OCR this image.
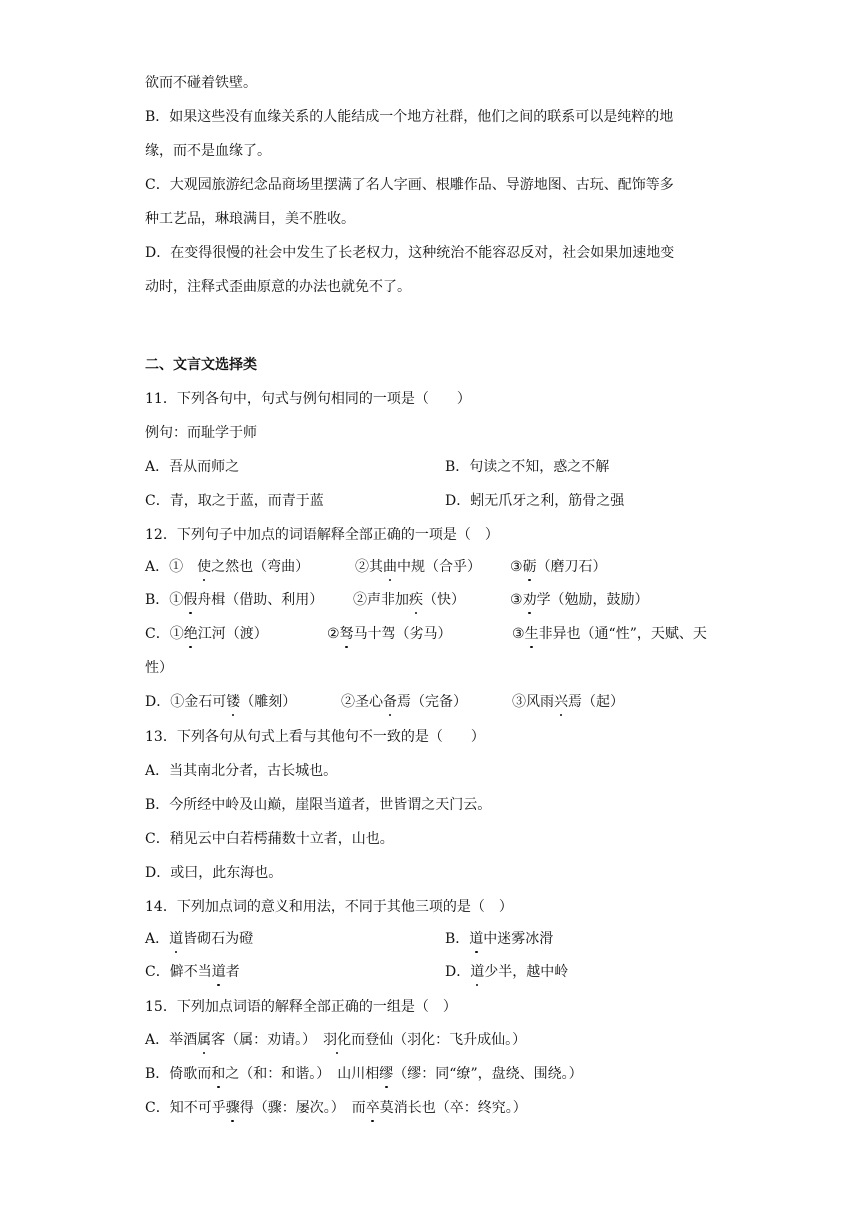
欲而不碰着铁壁。
B．如果这些没有血缘关系的人能结成一个地方社群，他们之间的联系可以是纯粹的地
缘，而不是血缘了。
C．大观园旅游纪念品商场里摆满了名人字画、根雕作品、导游地图、古玩、配饰等多
种工艺品，琳琅满目，美不胜收。
D．在变得很慢的社会中发生了长老权力，这种统治不能容忍反对，社会如果加速地变
动时，注释式歪曲原意的办法也就免不了。
二、文言文选择类
11．下列各句中，句式与例句相同的一项是（　　）
例句：而耻学于师
A．吾从而师之	B．句读之不知，惑之不解
C．青，取之于蓝，而青于蓝	D．蚓无爪牙之利，筋骨之强
12．下列句子中加点的词语解释全部正确的一项是（　）
A．①　使之然也（弯曲）	②其曲中规（合乎） ③砺（磨刀石）
B．①假舟楫（借助、利用） ②声非加疾（快）	③劝学（勉励，鼓励）
C．①绝江河（渡）	②驽马十驾（劣马）	③生非异也（通“性”，天赋、天
性）
D．①金石可镂（雕刻）	②圣心备焉（完备）	③风雨兴焉（起）
13．下列各句从句式上看与其他句不一致的是（　　）
A．当其南北分者，古长城也。
B．今所经中岭及山巅，崖限当道者，世皆谓之天门云。
C．稍见云中白若樗蒱数十立者，山也。
D．或曰，此东海也。
14．下列加点词的意义和用法，不同于其他三项的是（　）
A．道皆砌石为磴	B．道中迷雾冰滑
C．僻不当道者	D．道少半，越中岭
15．下列加点词语的解释全部正确的一组是（　）
A．举酒属客（属：劝请。）　羽化而登仙（羽化：飞升成仙。）
B．倚歌而和之（和：和谐。）　山川相缪（缪：同“缭”，盘绕、围绕。）
C．知不可乎骤得（骤：屡次。）　而卒莫消长也（卒：终究。）
